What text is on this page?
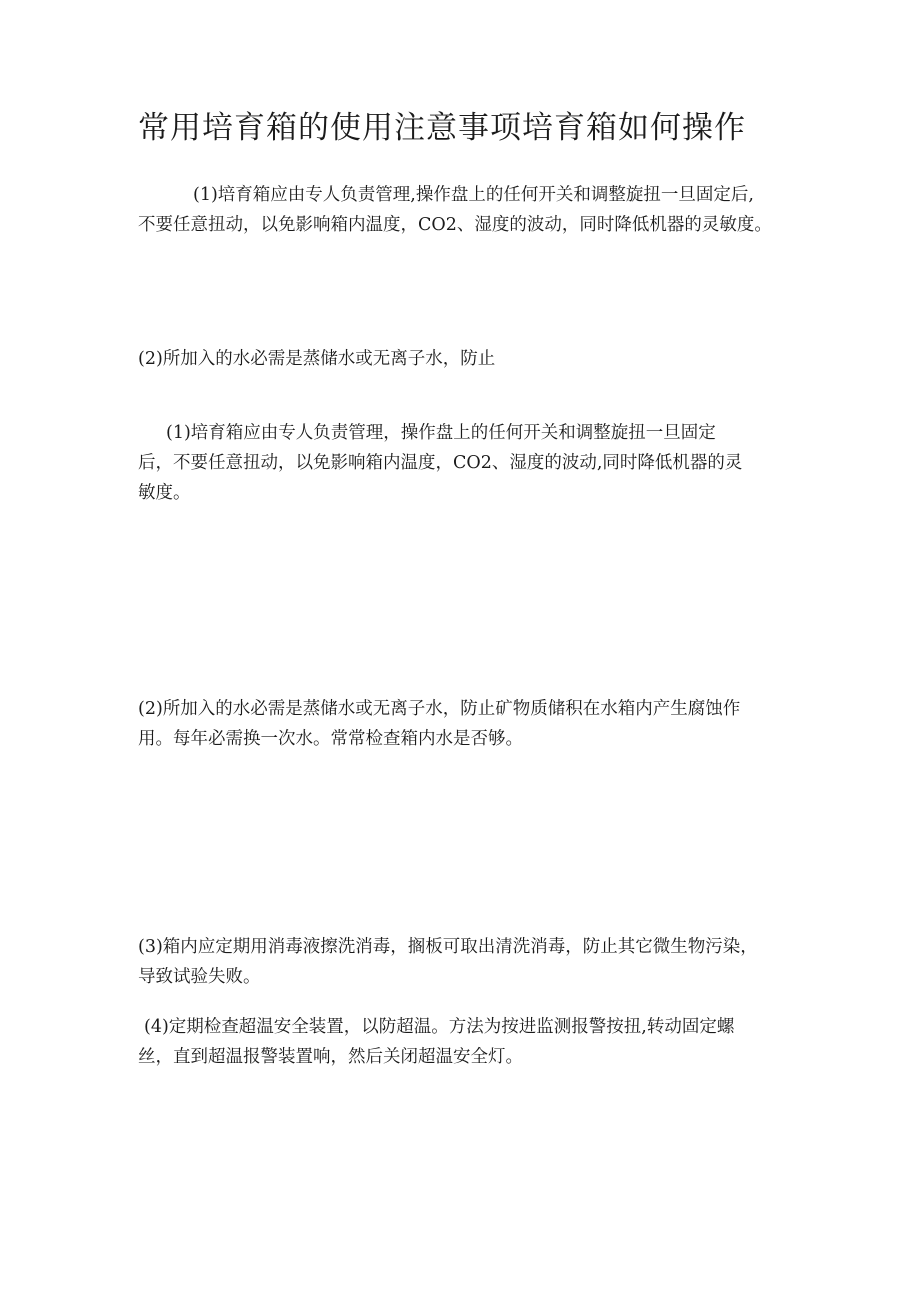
常用培育箱的使用注意事项培育箱如何操作
(1)培育箱应由专人负责管理,操作盘上的任何开关和调整旋扭一旦固定后,
不要任意扭动，以免影响箱内温度，CO2、湿度的波动，同时降低机器的灵敏度。
(2)所加入的水必需是蒸储水或无离子水，防止
(1)培育箱应由专人负责管理，操作盘上的任何开关和调整旋扭一旦固定
后，不要任意扭动，以免影响箱内温度，CO2、湿度的波动,同时降低机器的灵
敏度。
(2)所加入的水必需是蒸储水或无离子水，防止矿物质储积在水箱内产生腐蚀作
用。每年必需换一次水。常常检查箱内水是否够。
(3)箱内应定期用消毒液擦洗消毒，搁板可取出清洗消毒，防止其它微生物污染，
导致试验失败。
(4)定期检查超温安全装置，以防超温。方法为按进监测报警按扭,转动固定螺
丝，直到超温报警装置响，然后关闭超温安全灯。
